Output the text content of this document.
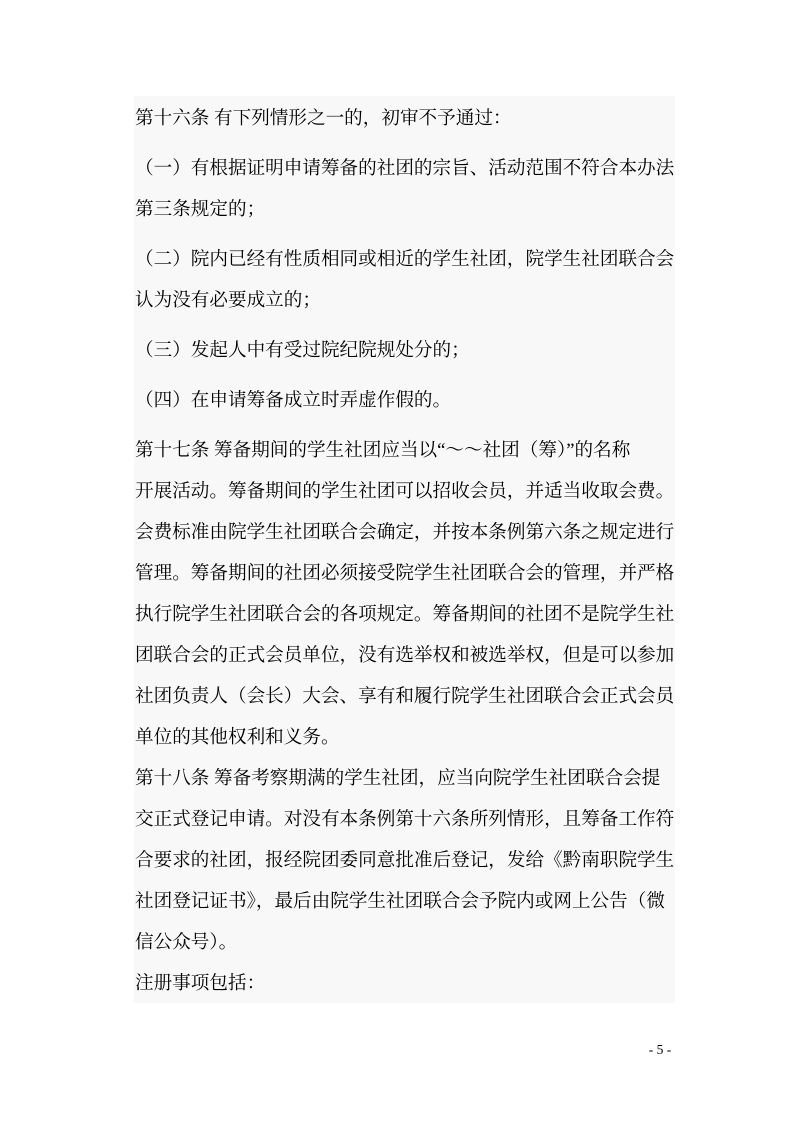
第十六条 有下列情形之一的，初审不予通过：
（一）有根据证明申请筹备的社团的宗旨、活动范围不符合本办法
第三条规定的；
（二）院内已经有性质相同或相近的学生社团，院学生社团联合会
认为没有必要成立的；
（三）发起人中有受过院纪院规处分的；
（四）在申请筹备成立时弄虚作假的。
第十七条 筹备期间的学生社团应当以“～～社团（筹）”的名称
开展活动。筹备期间的学生社团可以招收会员，并适当收取会费。
会费标准由院学生社团联合会确定，并按本条例第六条之规定进行
管理。筹备期间的社团必须接受院学生社团联合会的管理，并严格
执行院学生社团联合会的各项规定。筹备期间的社团不是院学生社
团联合会的正式会员单位，没有选举权和被选举权，但是可以参加
社团负责人（会长）大会、享有和履行院学生社团联合会正式会员
单位的其他权利和义务。
第十八条 筹备考察期满的学生社团，应当向院学生社团联合会提
交正式登记申请。对没有本条例第十六条所列情形，且筹备工作符
合要求的社团，报经院团委同意批准后登记，发给《黔南职院学生
社团登记证书》，最后由院学生社团联合会予院内或网上公告（微
信公众号）。
注册事项包括：
- 5 -
